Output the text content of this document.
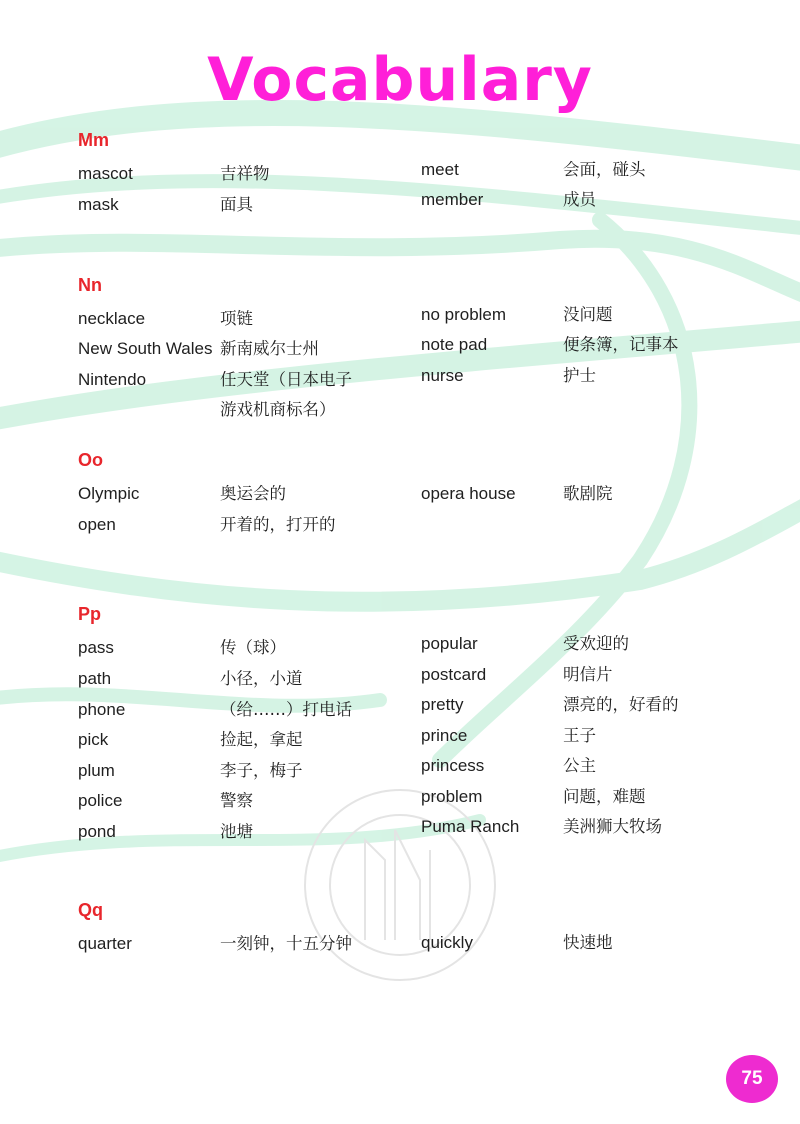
Vocabulary
Mm
mascot	吉祥物
mask	面具
meet	会面，碰头
member	成员
Nn
necklace	项链
New South Wales 新南威尔士州
Nintendo	任天堂（日本电子
游戏机商标名）
no problem	没问题
note pad	便条簿，记事本
nurse	护士
Oo
Olympic	奥运会的
open	开着的，打开的
opera house	歌剧院
Pp
pass	传（球）
path	小径，小道
phone	（给……）打电话
pick	捡起，拿起
plum	李子，梅子
police	警察
pond	池塘
popular	受欢迎的
postcard	明信片
pretty	漂亮的，好看的
prince	王子
princess	公主
problem	问题，难题
Puma Ranch	美洲狮大牧场
Qq
quarter	一刻钟，十五分钟	quickly	快速地
75
